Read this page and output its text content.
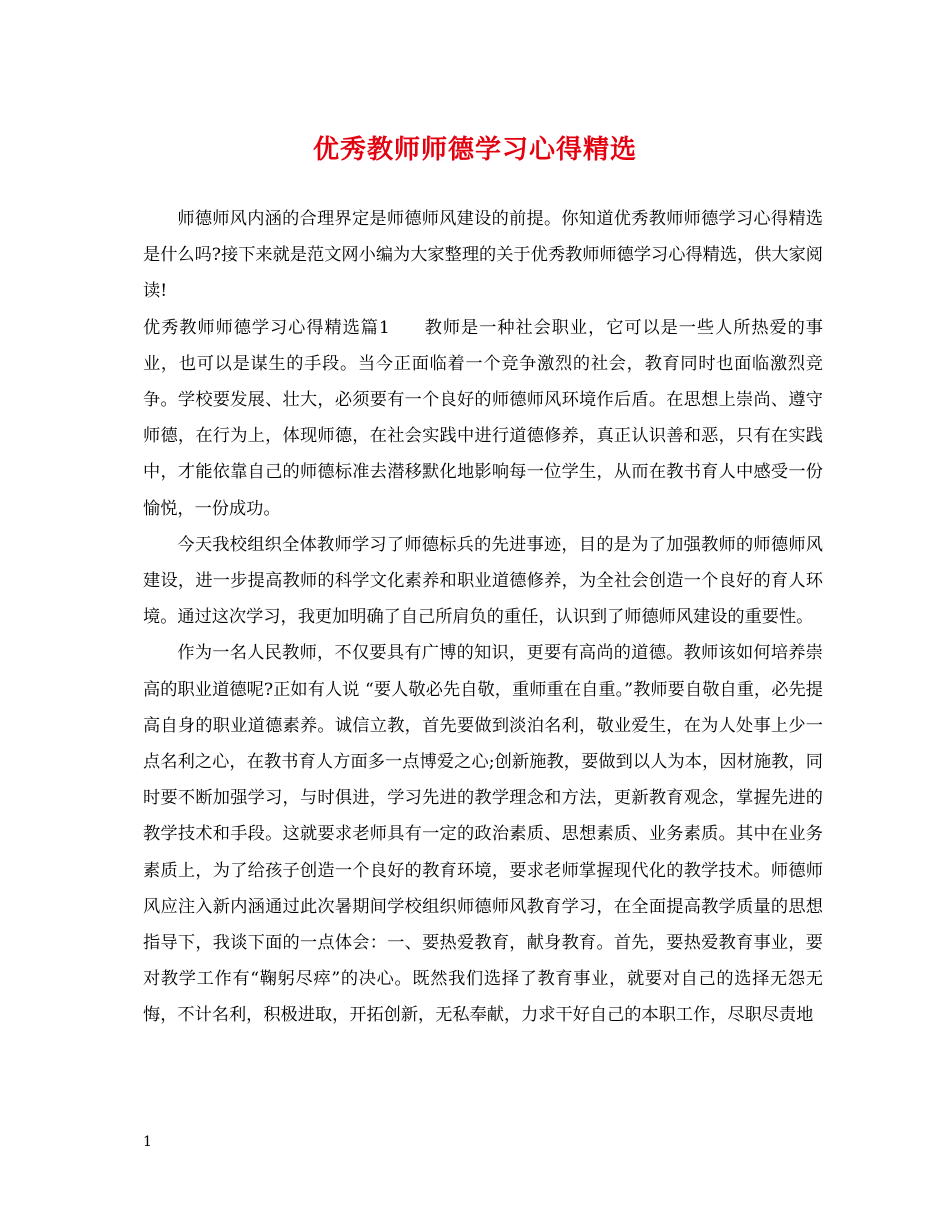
优秀教师师德学习心得精选

师德师风内涵的合理界定是师德师风建设的前提。你知道优秀教师师德学习心得精选是什么吗?接下来就是范文网小编为大家整理的关于优秀教师师德学习心得精选，供大家阅读!

优秀教师师德学习心得精选篇1 教师是一种社会职业，它可以是一些人所热爱的事业，也可以是谋生的手段。当今正面临着一个竞争激烈的社会，教育同时也面临激烈竞争。学校要发展、壮大，必须要有一个良好的师德师风环境作后盾。在思想上崇尚、遵守师德，在行为上，体现师德，在社会实践中进行道德修养，真正认识善和恶，只有在实践中，才能依靠自己的师德标准去潜移默化地影响每一位学生，从而在教书育人中感受一份愉悦，一份成功。

今天我校组织全体教师学习了师德标兵的先进事迹，目的是为了加强教师的师德师风建设，进一步提高教师的科学文化素养和职业道德修养，为全社会创造一个良好的育人环境。通过这次学习，我更加明确了自己所肩负的重任，认识到了师德师风建设的重要性。

作为一名人民教师，不仅要具有广博的知识，更要有高尚的道德。教师该如何培养崇高的职业道德呢?正如有人说 “要人敬必先自敬，重师重在自重。”教师要自敬自重，必先提高自身的职业道德素养。诚信立教，首先要做到淡泊名利，敬业爱生，在为人处事上少一点名利之心，在教书育人方面多一点博爱之心;创新施教，要做到以人为本，因材施教，同时要不断加强学习，与时俱进，学习先进的教学理念和方法，更新教育观念，掌握先进的教学技术和手段。这就要求老师具有一定的政治素质、思想素质、业务素质。其中在业务素质上，为了给孩子创造一个良好的教育环境，要求老师掌握现代化的教学技术。师德师风应注入新内涵通过此次暑期间学校组织师德师风教育学习，在全面提高教学质量的思想指导下，我谈下面的一点体会：一、要热爱教育，献身教育。首先，要热爱教育事业，要对教学工作有“鞠躬尽瘁”的决心。既然我们选择了教育事业，就要对自己的选择无怨无悔，不计名利，积极进取，开拓创新，无私奉献，力求干好自己的本职工作，尽职尽责地

1
